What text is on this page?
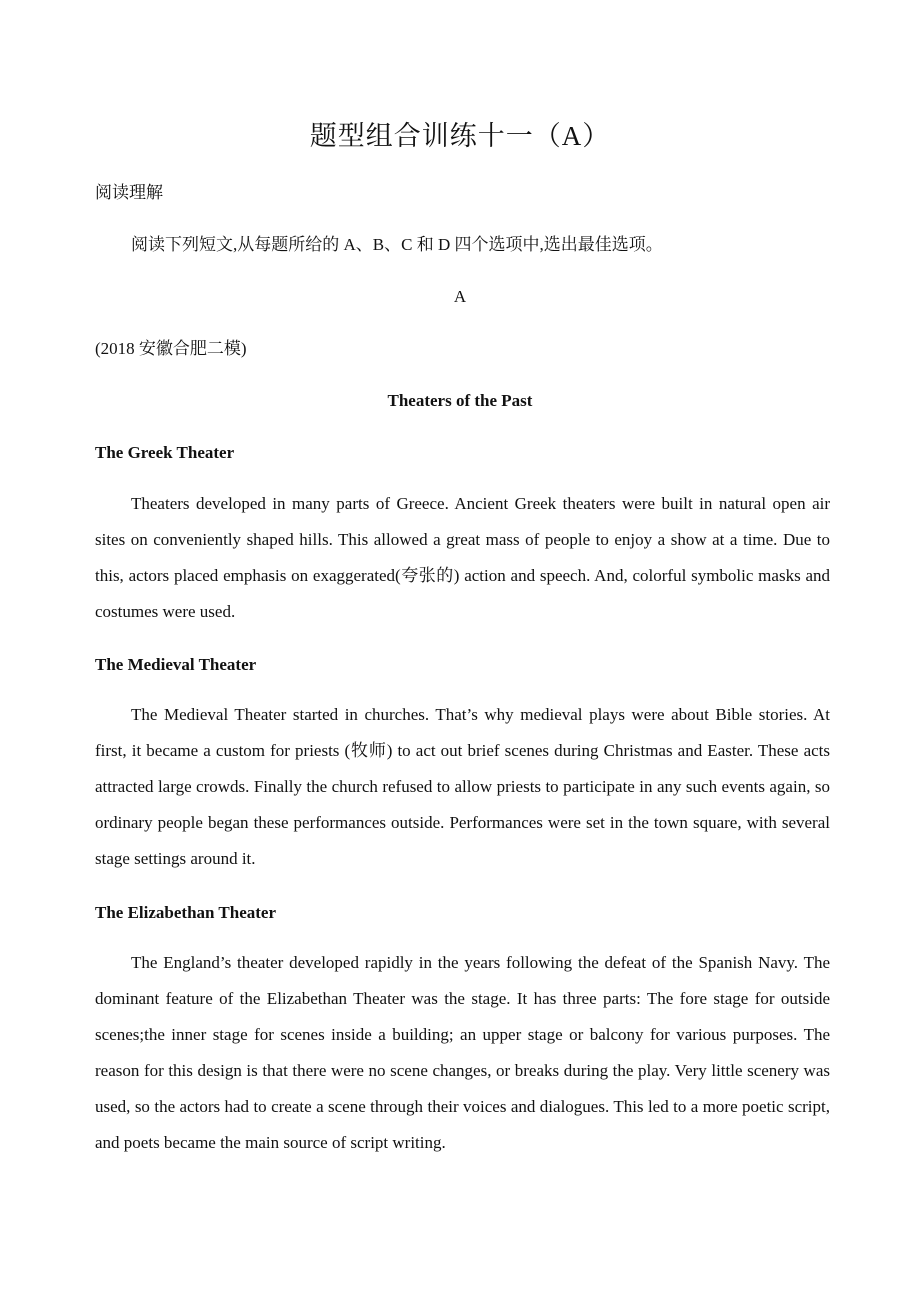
题型组合训练十一（A）
阅读理解
阅读下列短文,从每题所给的 A、B、C 和 D 四个选项中,选出最佳选项。
A
(2018 安徽合肥二模)
Theaters of the Past
The Greek Theater

Theaters developed in many parts of Greece. Ancient Greek theaters were built in natural open air sites on conveniently shaped hills. This allowed a great mass of people to enjoy a show at a time. Due to this, actors placed emphasis on exaggerated(夸张的) action and speech. And, colorful symbolic masks and costumes were used.

The Medieval Theater

The Medieval Theater started in churches. That’s why medieval plays were about Bible stories. At first, it became a custom for priests (牧师) to act out brief scenes during Christmas and Easter. These acts attracted large crowds. Finally the church refused to allow priests to participate in any such events again, so ordinary people began these performances outside. Performances were set in the town square, with several stage settings around it.

The Elizabethan Theater

The England’s theater developed rapidly in the years following the defeat of the Spanish Navy. The dominant feature of the Elizabethan Theater was the stage. It has three parts: The fore stage for outside scenes;the inner stage for scenes inside a building; an upper stage or balcony for various purposes. The reason for this design is that there were no scene changes, or breaks during the play. Very little scenery was used, so the actors had to create a scene through their voices and dialogues. This led to a more poetic script, and poets became the main source of script writing.
